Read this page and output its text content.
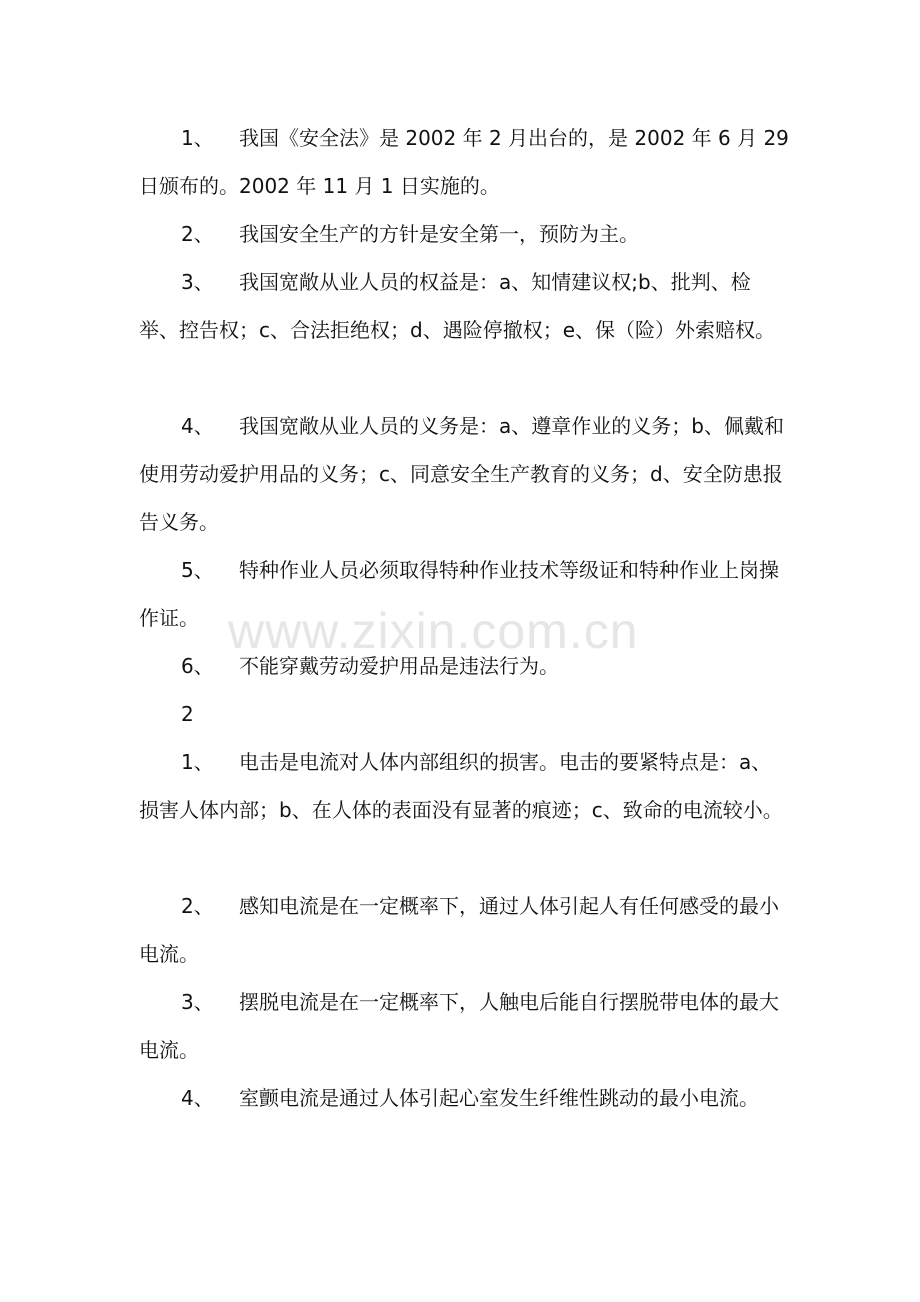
1、 我国《安全法》是 2002 年 2 月出台的，是 2002 年 6 月 29 日颁布的。2002 年 11 月 1 日实施的。

2、 我国安全生产的方针是安全第一，预防为主。

3、 我国宽敞从业人员的权益是：a、知情建议权;b、批判、检举、控告权；c、合法拒绝权；d、遇险停撤权；e、保（险）外索赔权。

4、 我国宽敞从业人员的义务是：a、遵章作业的义务；b、佩戴和使用劳动爱护用品的义务；c、同意安全生产教育的义务；d、安全防患报告义务。

5、 特种作业人员必须取得特种作业技术等级证和特种作业上岗操作证。

6、 不能穿戴劳动爱护用品是违法行为。

2

1、 电击是电流对人体内部组织的损害。电击的要紧特点是：a、损害人体内部；b、在人体的表面没有显著的痕迹；c、致命的电流较小。

2、 感知电流是在一定概率下，通过人体引起人有任何感受的最小电流。

3、 摆脱电流是在一定概率下，人触电后能自行摆脱带电体的最大电流。

4、 室颤电流是通过人体引起心室发生纤维性跳动的最小电流。

www.zixin.com.cn
